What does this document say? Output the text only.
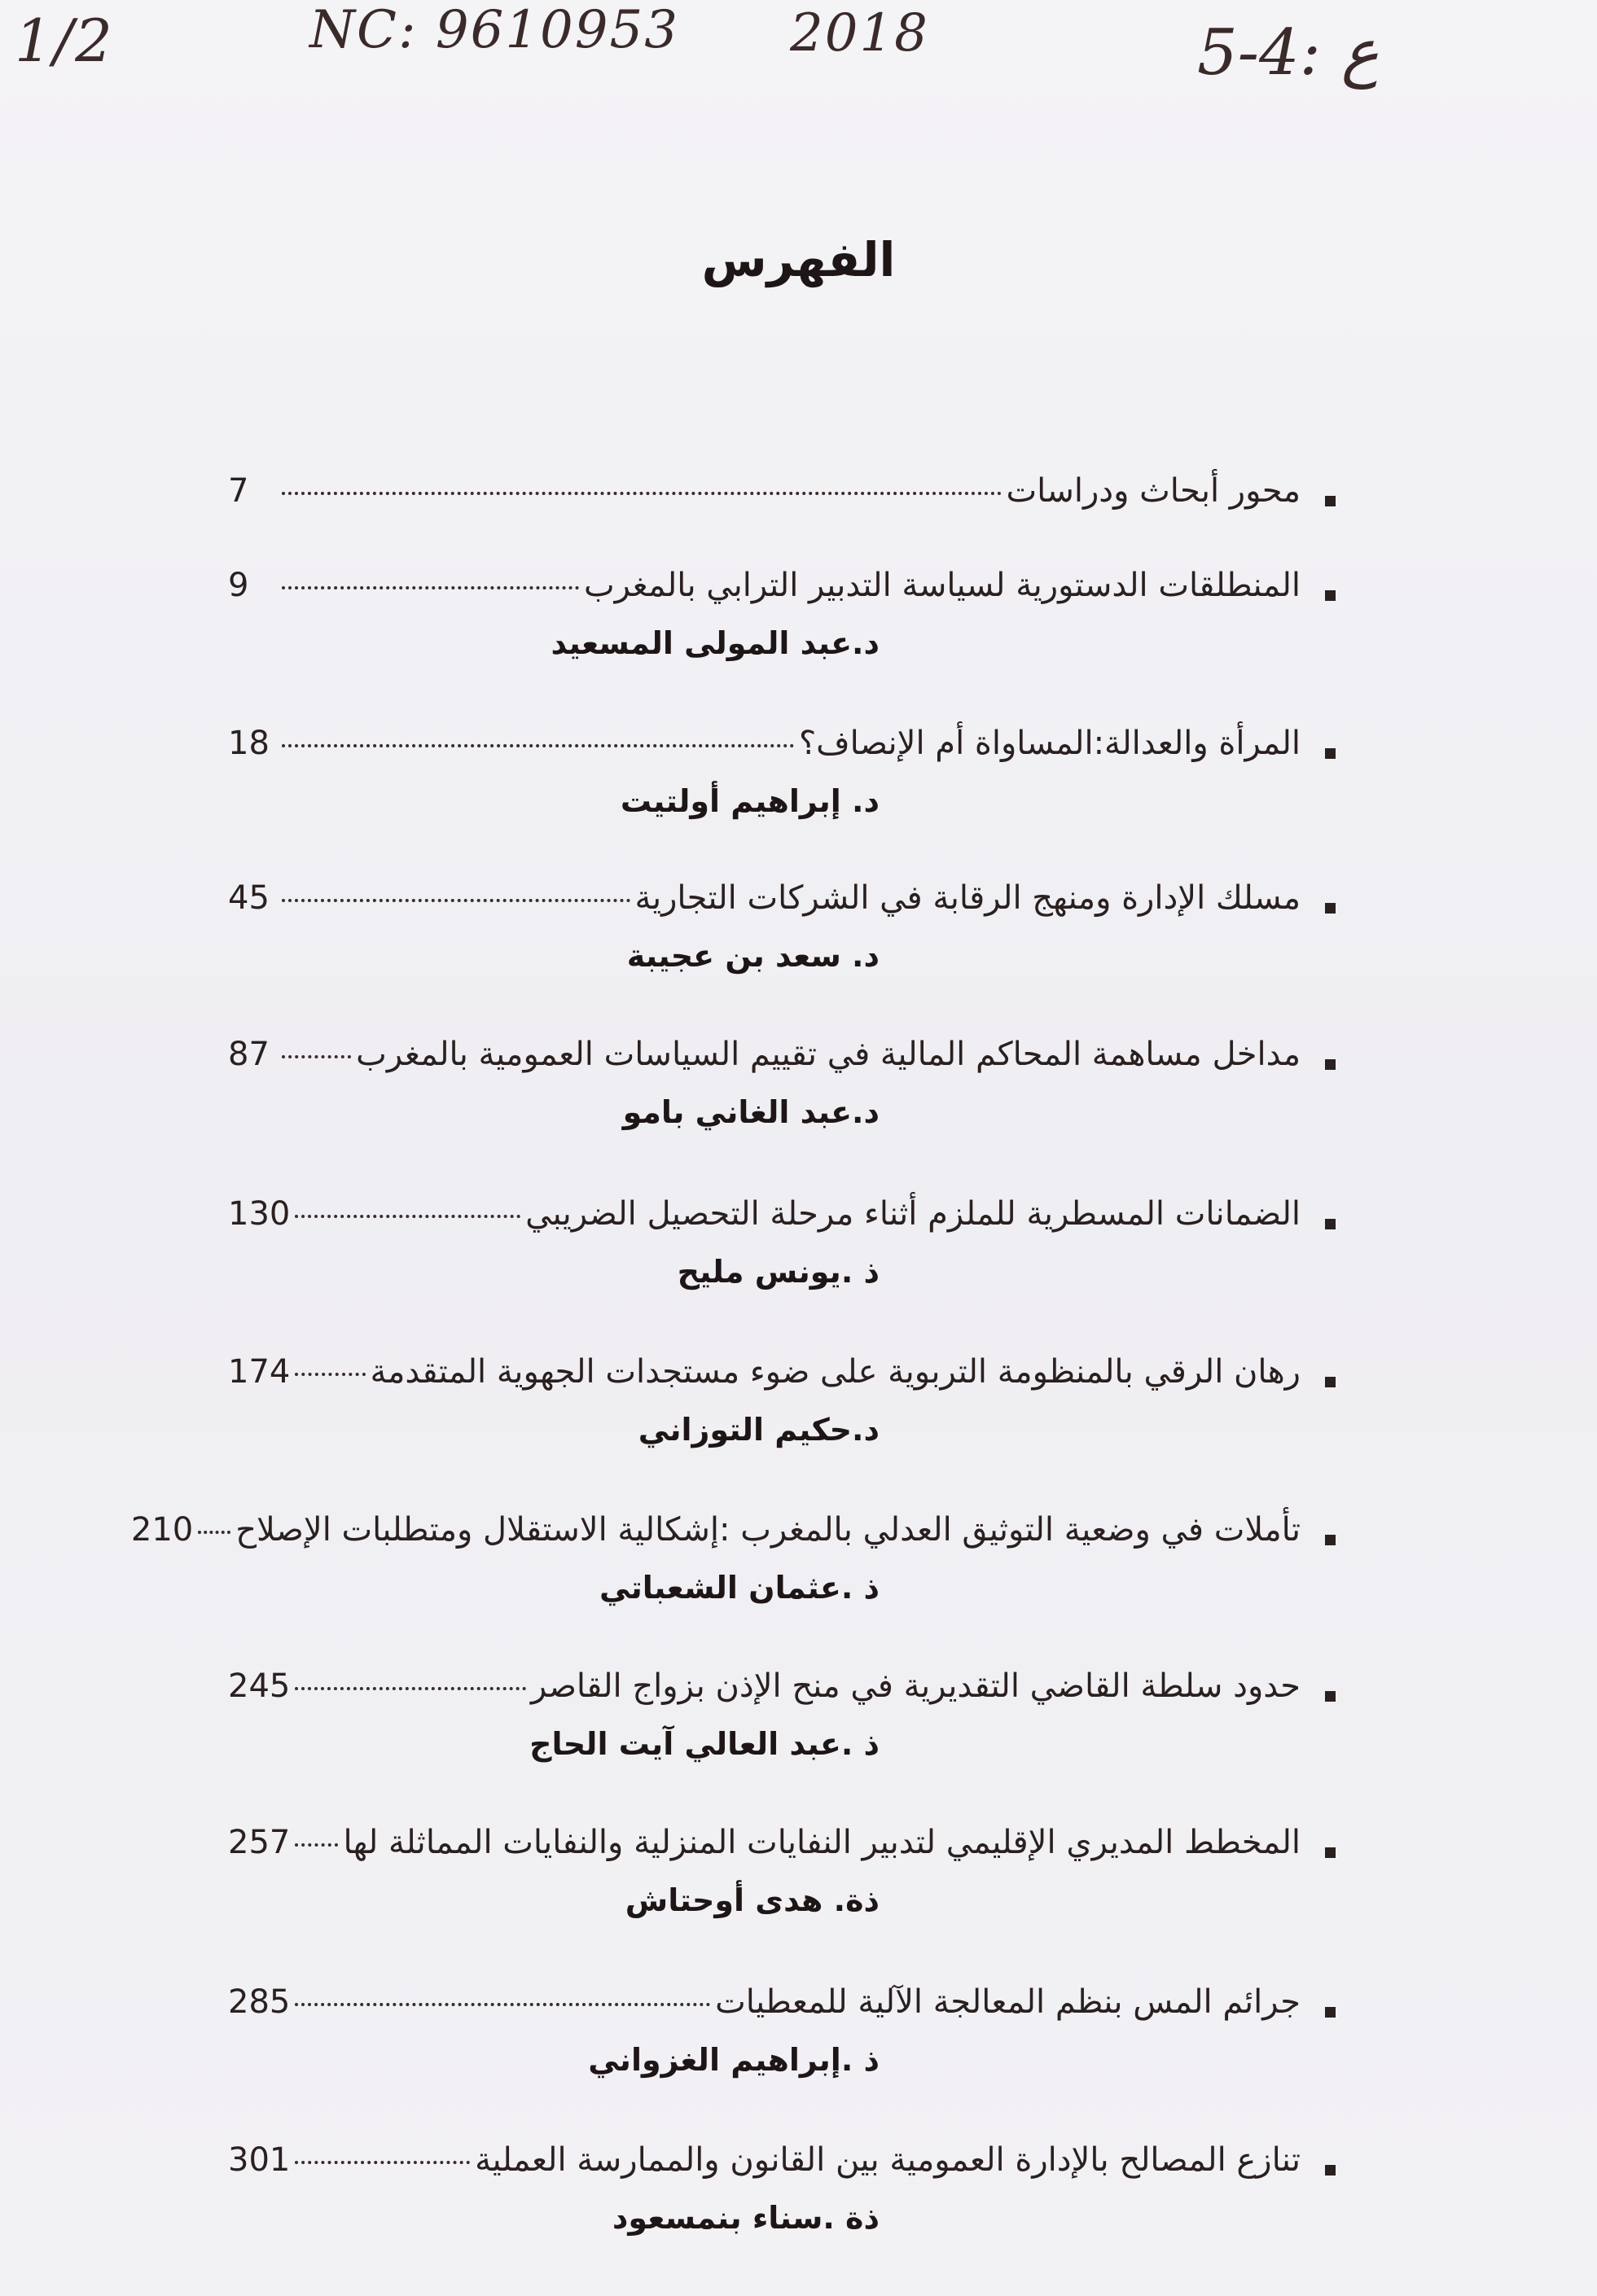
1/2	NC: 9610953 2018	5-4: ع
الفهرس
محور أبحاث ودراسات
7
المنطلقات الدستورية لسياسة التدبير الترابي بالمغرب
9
د.عبد المولى المسعيد
المرأة والعدالة:المساواة أم الإنصاف؟
18
د. إبراهيم أولتيت
مسلك الإدارة ومنهج الرقابة في الشركات التجارية
45
د. سعد بن عجيبة
مداخل مساهمة المحاكم المالية في تقييم السياسات العمومية بالمغرب
87
د.عبد الغاني بامو
الضمانات المسطرية للملزم أثناء مرحلة التحصيل الضريبي
130
ذ .يونس مليح
رهان الرقي بالمنظومة التربوية على ضوء مستجدات الجهوية المتقدمة
174
د.حكيم التوزاني
تأملات في وضعية التوثيق العدلي بالمغرب :إشكالية الاستقلال ومتطلبات الإصلاح
210
ذ .عثمان الشعباتي
حدود سلطة القاضي التقديرية في منح الإذن بزواج القاصر
245
ذ .عبد العالي آيت الحاج
المخطط المديري الإقليمي لتدبير النفايات المنزلية والنفايات المماثلة لها
257
ذة. هدى أوحتاش
جرائم المس بنظم المعالجة الآلية للمعطيات
285
ذ .إبراهيم الغزواني
تنازع المصالح بالإدارة العمومية بين القانون والممارسة العملية
301
ذة .سناء بنمسعود
